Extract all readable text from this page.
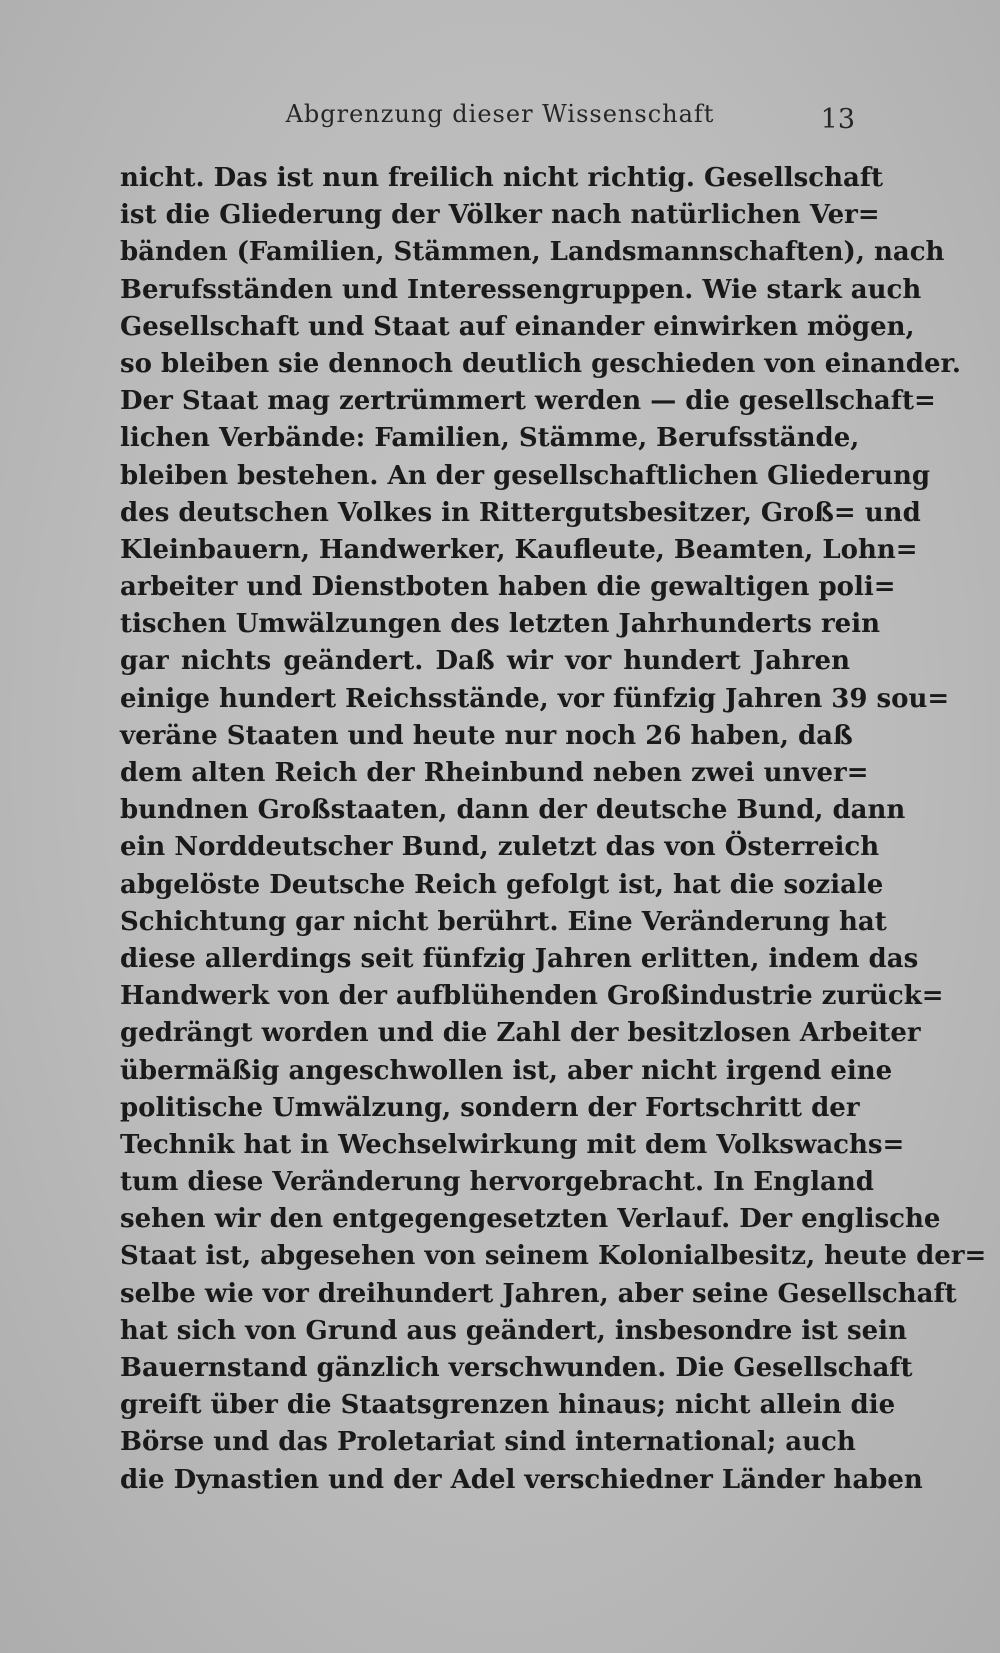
Abgrenzung dieser Wissenschaft	13
nicht. Das ist nun freilich nicht richtig. Gesellschaft
ist die Gliederung der Völker nach natürlichen Ver=
bänden (Familien, Stämmen, Landsmannschaften), nach
Berufsständen und Interessengruppen. Wie stark auch
Gesellschaft und Staat auf einander einwirken mögen,
so bleiben sie dennoch deutlich geschieden von einander.
Der Staat mag zertrümmert werden — die gesellschaft=
lichen Verbände: Familien, Stämme, Berufsstände,
bleiben bestehen. An der gesellschaftlichen Gliederung
des deutschen Volkes in Rittergutsbesitzer, Groß= und
Kleinbauern, Handwerker, Kaufleute, Beamten, Lohn=
arbeiter und Dienstboten haben die gewaltigen poli=
tischen Umwälzungen des letzten Jahrhunderts rein
gar nichts geändert. Daß wir vor hundert Jahren
einige hundert Reichsstände, vor fünfzig Jahren 39 sou=
veräne Staaten und heute nur noch 26 haben, daß
dem alten Reich der Rheinbund neben zwei unver=
bundnen Großstaaten, dann der deutsche Bund, dann
ein Norddeutscher Bund, zuletzt das von Österreich
abgelöste Deutsche Reich gefolgt ist, hat die soziale
Schichtung gar nicht berührt. Eine Veränderung hat
diese allerdings seit fünfzig Jahren erlitten, indem das
Handwerk von der aufblühenden Großindustrie zurück=
gedrängt worden und die Zahl der besitzlosen Arbeiter
übermäßig angeschwollen ist, aber nicht irgend eine
politische Umwälzung, sondern der Fortschritt der
Technik hat in Wechselwirkung mit dem Volkswachs=
tum diese Veränderung hervorgebracht. In England
sehen wir den entgegengesetzten Verlauf. Der englische
Staat ist, abgesehen von seinem Kolonialbesitz, heute der=
selbe wie vor dreihundert Jahren, aber seine Gesellschaft
hat sich von Grund aus geändert, insbesondre ist sein
Bauernstand gänzlich verschwunden. Die Gesellschaft
greift über die Staatsgrenzen hinaus; nicht allein die
Börse und das Proletariat sind international; auch
die Dynastien und der Adel verschiedner Länder haben
